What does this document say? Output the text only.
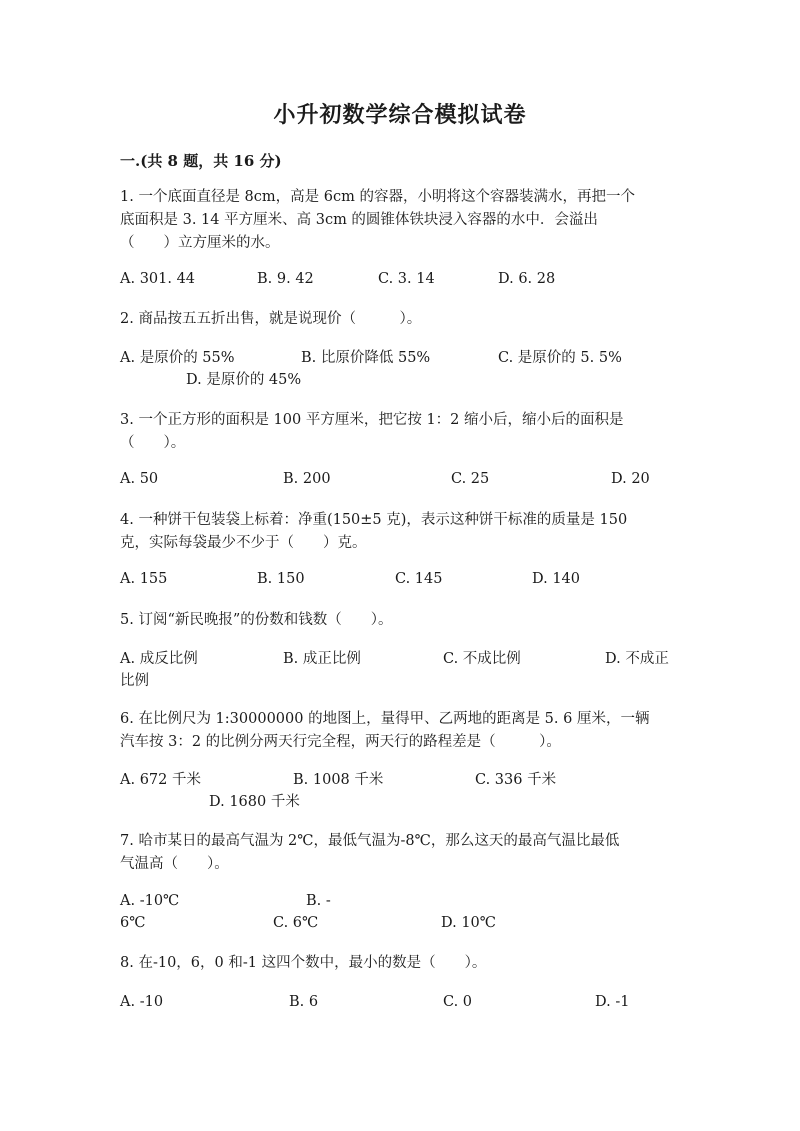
小升初数学综合模拟试卷
一.(共 8 题，共 16 分)
1. 一个底面直径是 8cm，高是 6cm 的容器，小明将这个容器装满水，再把一个
底面积是 3. 14 平方厘米、高 3cm 的圆锥体铁块浸入容器的水中．会溢出
（　　）立方厘米的水。
A. 301. 44	B. 9. 42	C. 3. 14	D. 6. 28
2. 商品按五五折出售，就是说现价（　　　）。
A. 是原价的 55%	B. 比原价降低 55%	C. 是原价的 5. 5%
D. 是原价的 45%
3. 一个正方形的面积是 100 平方厘米，把它按 1：2 缩小后，缩小后的面积是
（　　）。
A. 50	B. 200	C. 25	D. 20
4. 一种饼干包装袋上标着：净重(150±5 克)，表示这种饼干标准的质量是 150
克，实际每袋最少不少于（　　）克。
A. 155	B. 150	C. 145	D. 140
5. 订阅“新民晚报”的份数和钱数（　　）。
A. 成反比例	B. 成正比例	C. 不成比例	D. 不成正
比例
6. 在比例尺为 1:30000000 的地图上，量得甲、乙两地的距离是 5. 6 厘米，一辆
汽车按 3：2 的比例分两天行完全程，两天行的路程差是（　　　）。
A. 672 千米	B. 1008 千米	C. 336 千米
D. 1680 千米
7. 哈市某日的最高气温为 2℃，最低气温为-8℃，那么这天的最高气温比最低
气温高（　　）。
A. -10℃	B. -
6℃	C. 6℃	D. 10℃
8. 在-10，6，0 和-1 这四个数中，最小的数是（　　）。
A. -10	B. 6	C. 0	D. -1
